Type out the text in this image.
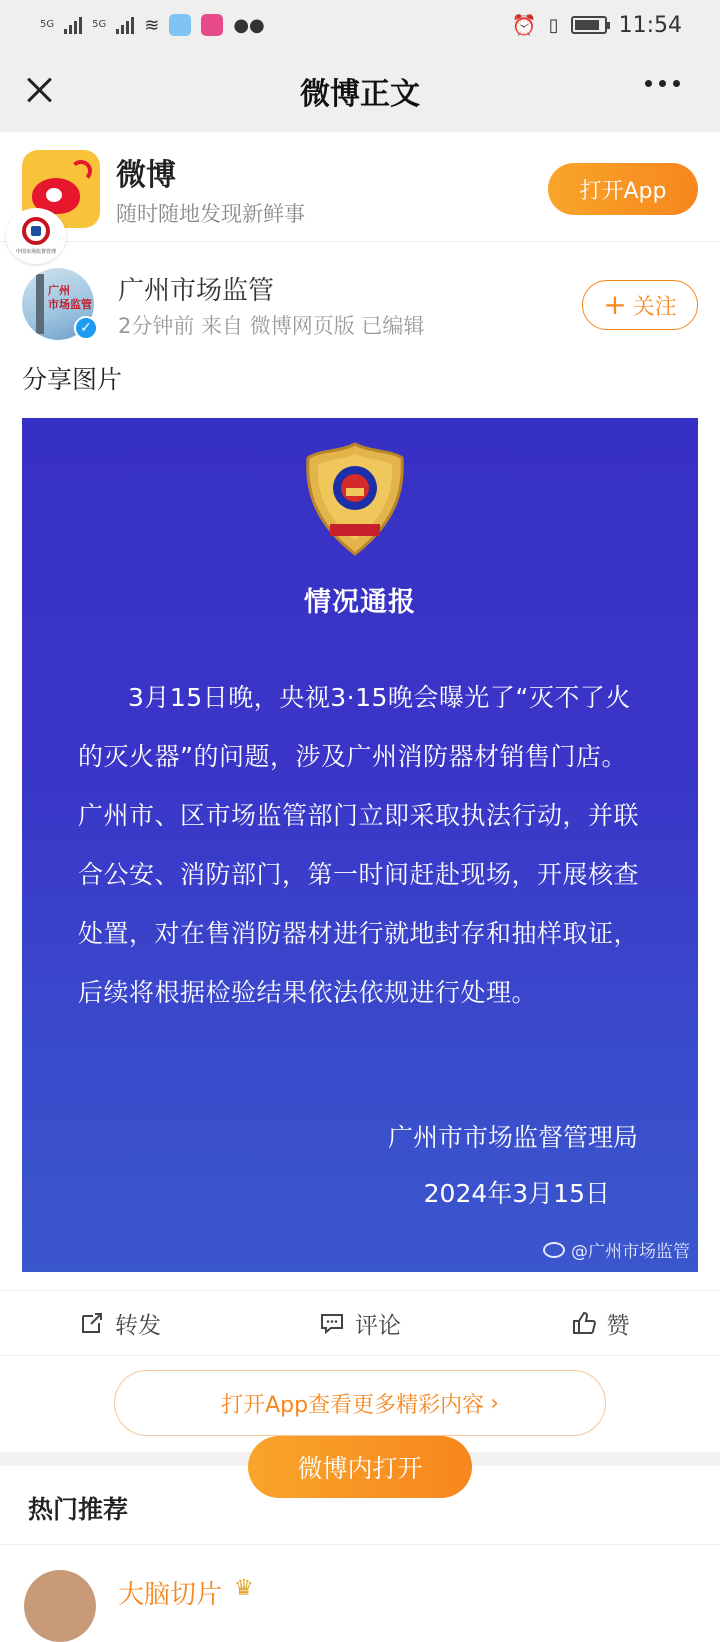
5G	5G ≋	●●	⏰ ▯	11:54
微博正文
中国市场监督管理
微博
随时随地发现新鲜事
打开App
广州
市场监管
✓
广州市场监管
2分钟前 来自 微博网页版 已编辑
+ 关注
分享图片
情况通报
3月15日晚，央视3·15晚会曝光了“灭不了火的灭火器”的问题，涉及广州消防器材销售门店。广州市、区市场监管部门立即采取执法行动，并联合公安、消防部门，第一时间赶赴现场，开展核查处置，对在售消防器材进行就地封存和抽样取证，后续将根据检验结果依法依规进行处理。
广州市市场监督管理局
2024年3月15日
@广州市场监管
转发	评论	赞
打开App查看更多精彩内容 ›
微博内打开
热门推荐
大脑切片 ♛
